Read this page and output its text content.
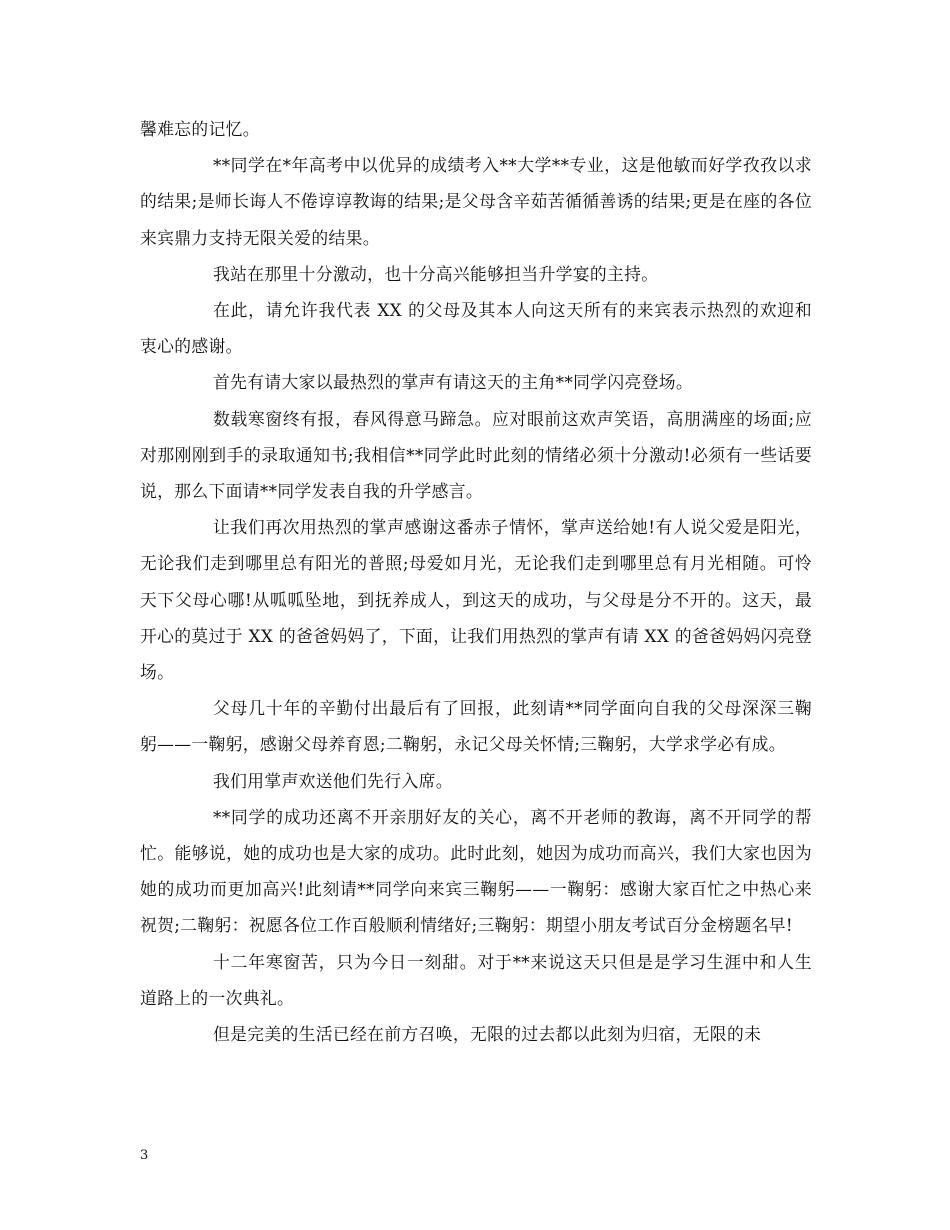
馨难忘的记忆。

**同学在*年高考中以优异的成绩考入**大学**专业，这是他敏而好学孜孜以求的结果;是师长诲人不倦谆谆教诲的结果;是父母含辛茹苦循循善诱的结果;更是在座的各位来宾鼎力支持无限关爱的结果。

我站在那里十分激动，也十分高兴能够担当升学宴的主持。

在此，请允许我代表 XX 的父母及其本人向这天所有的来宾表示热烈的欢迎和衷心的感谢。

首先有请大家以最热烈的掌声有请这天的主角**同学闪亮登场。

数载寒窗终有报，春风得意马蹄急。应对眼前这欢声笑语，高朋满座的场面;应对那刚刚到手的录取通知书;我相信**同学此时此刻的情绪必须十分激动!必须有一些话要说，那么下面请**同学发表自我的升学感言。

让我们再次用热烈的掌声感谢这番赤子情怀，掌声送给她!有人说父爱是阳光，无论我们走到哪里总有阳光的普照;母爱如月光，无论我们走到哪里总有月光相随。可怜天下父母心哪!从呱呱坠地，到抚养成人，到这天的成功，与父母是分不开的。这天，最开心的莫过于 XX 的爸爸妈妈了，下面，让我们用热烈的掌声有请 XX 的爸爸妈妈闪亮登场。

父母几十年的辛勤付出最后有了回报，此刻请**同学面向自我的父母深深三鞠躬——一鞠躬，感谢父母养育恩;二鞠躬，永记父母关怀情;三鞠躬，大学求学必有成。

我们用掌声欢送他们先行入席。

**同学的成功还离不开亲朋好友的关心，离不开老师的教诲，离不开同学的帮忙。能够说，她的成功也是大家的成功。此时此刻，她因为成功而高兴，我们大家也因为她的成功而更加高兴!此刻请**同学向来宾三鞠躬——一鞠躬：感谢大家百忙之中热心来祝贺;二鞠躬：祝愿各位工作百般顺利情绪好;三鞠躬：期望小朋友考试百分金榜题名早!

十二年寒窗苦，只为今日一刻甜。对于**来说这天只但是是学习生涯中和人生道路上的一次典礼。

但是完美的生活已经在前方召唤，无限的过去都以此刻为归宿，无限的未

3
